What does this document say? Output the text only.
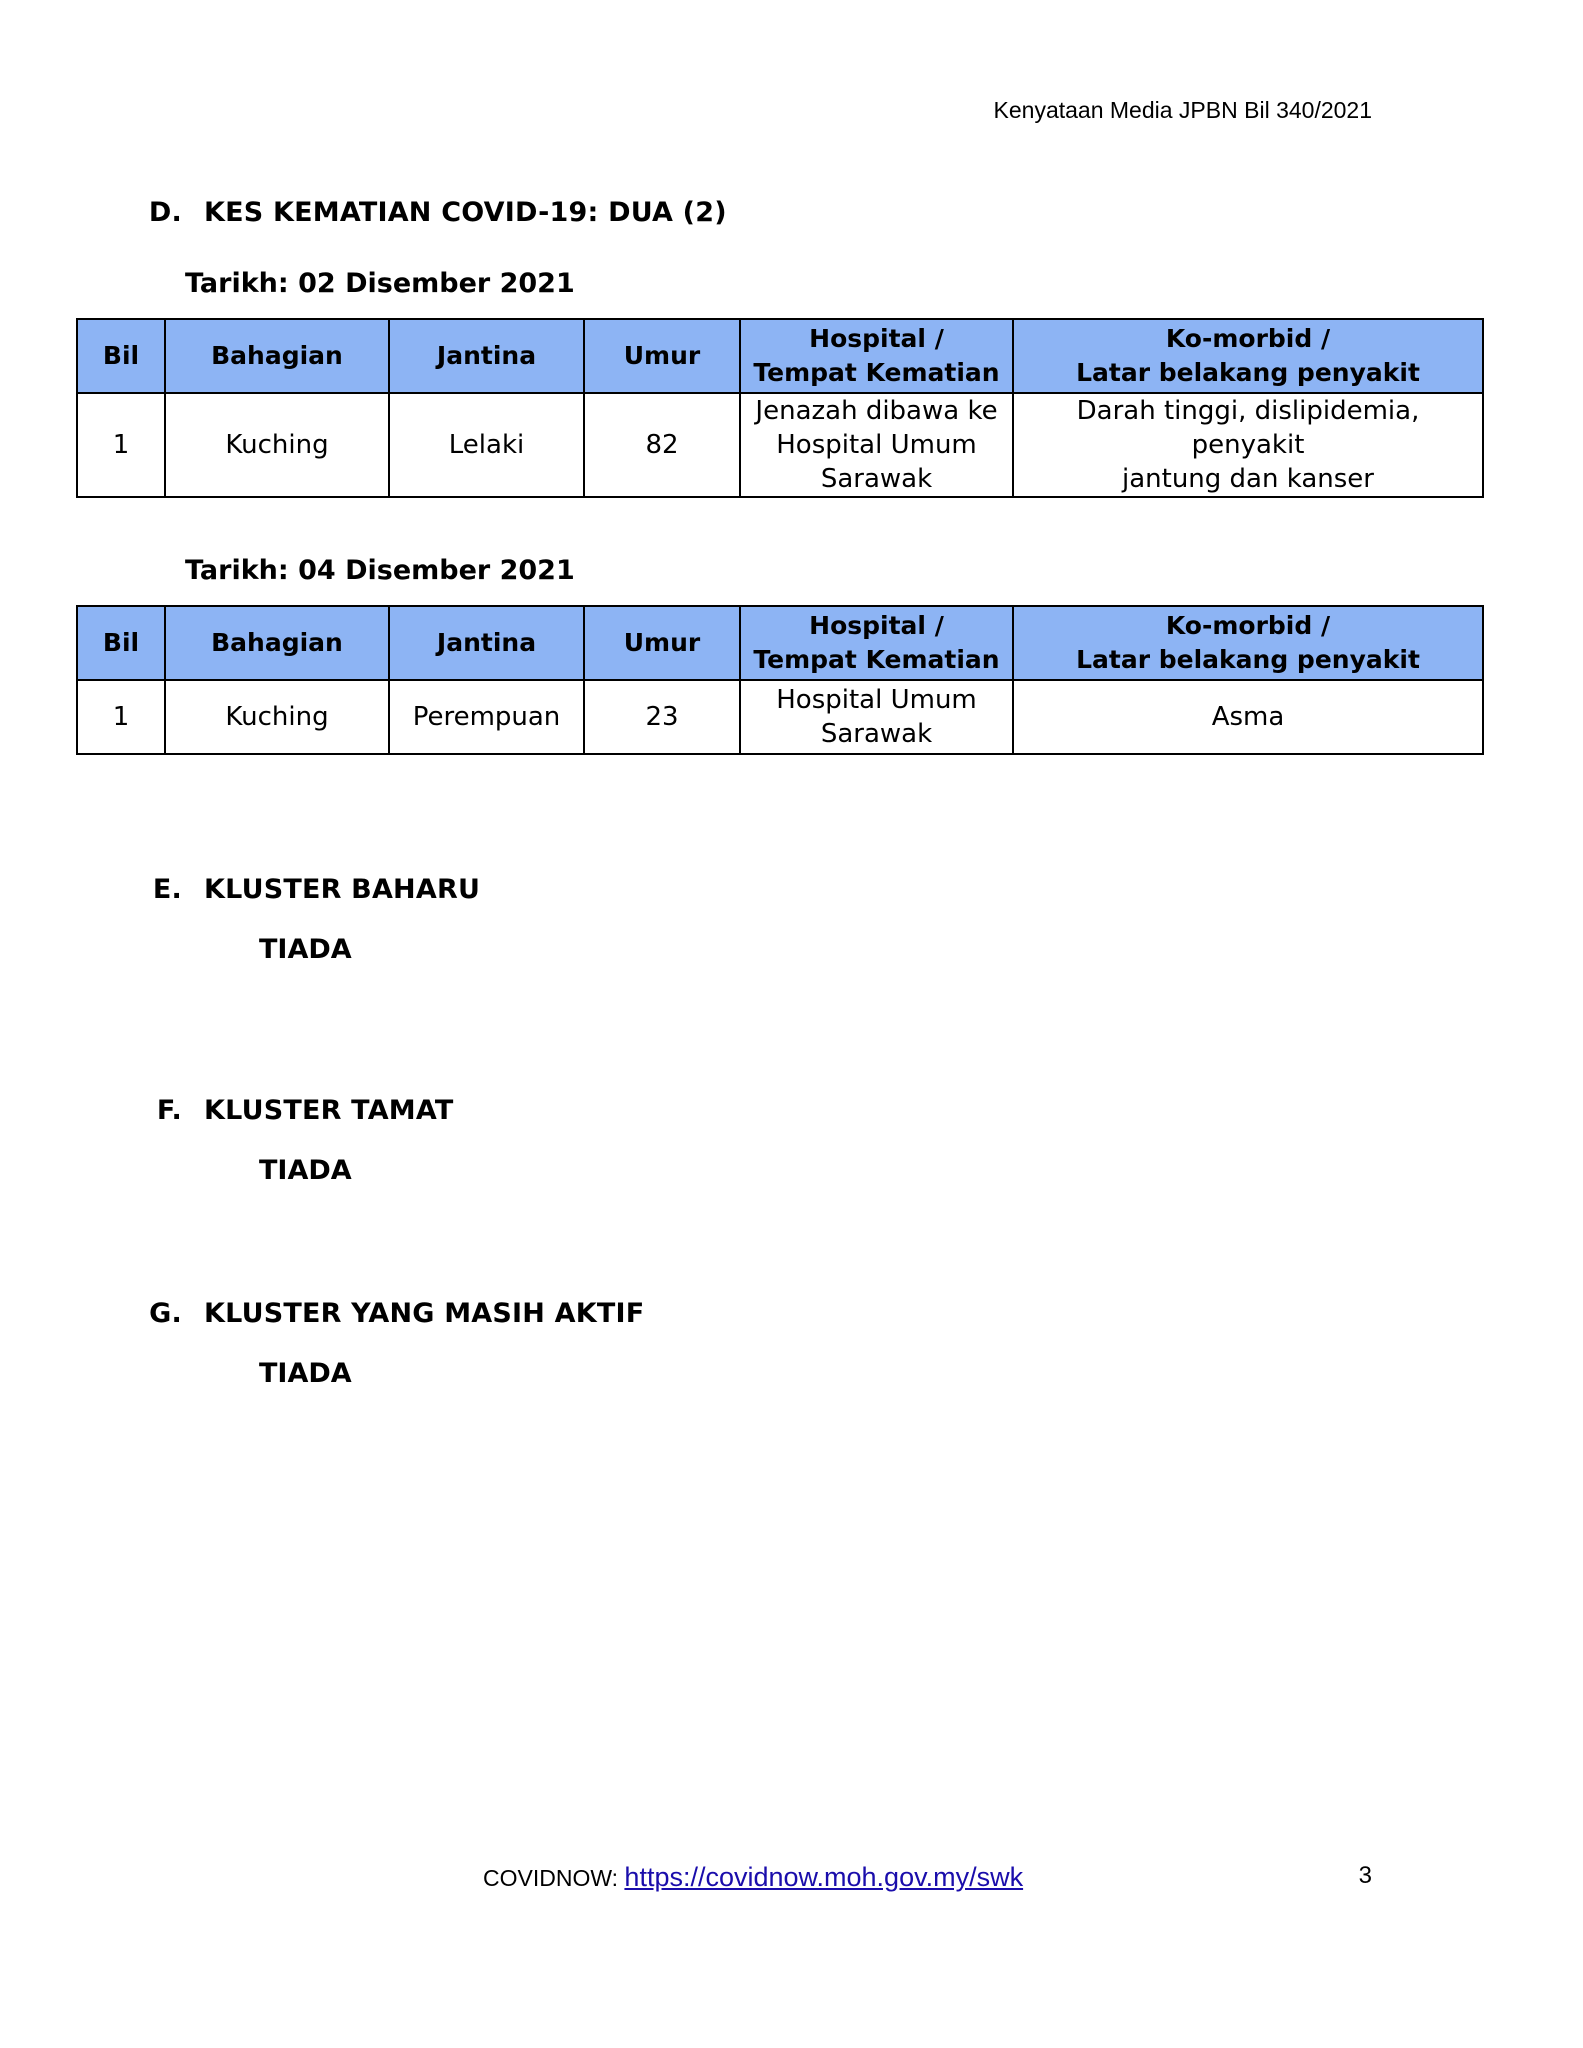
Kenyataan Media JPBN Bil 340/2021
D. KES KEMATIAN COVID-19: DUA (2)
Tarikh: 02 Disember 2021
Bil	Bahagian	Jantina	Umur	Hospital /
Tempat Kematian	Ko-morbid /
Latar belakang penyakit
1	Kuching	Lelaki	82	Jenazah dibawa ke
Hospital Umum
Sarawak	Darah tinggi, dislipidemia, penyakit
jantung dan kanser
Tarikh: 04 Disember 2021
Bil	Bahagian	Jantina	Umur	Hospital /
Tempat Kematian	Ko-morbid /
Latar belakang penyakit
1	Kuching	Perempuan	23	Hospital Umum
Sarawak	Asma
E. KLUSTER BAHARU
TIADA
F. KLUSTER TAMAT
TIADA
G. KLUSTER YANG MASIH AKTIF
TIADA
COVIDNOW: https://covidnow.moh.gov.my/swk	3
